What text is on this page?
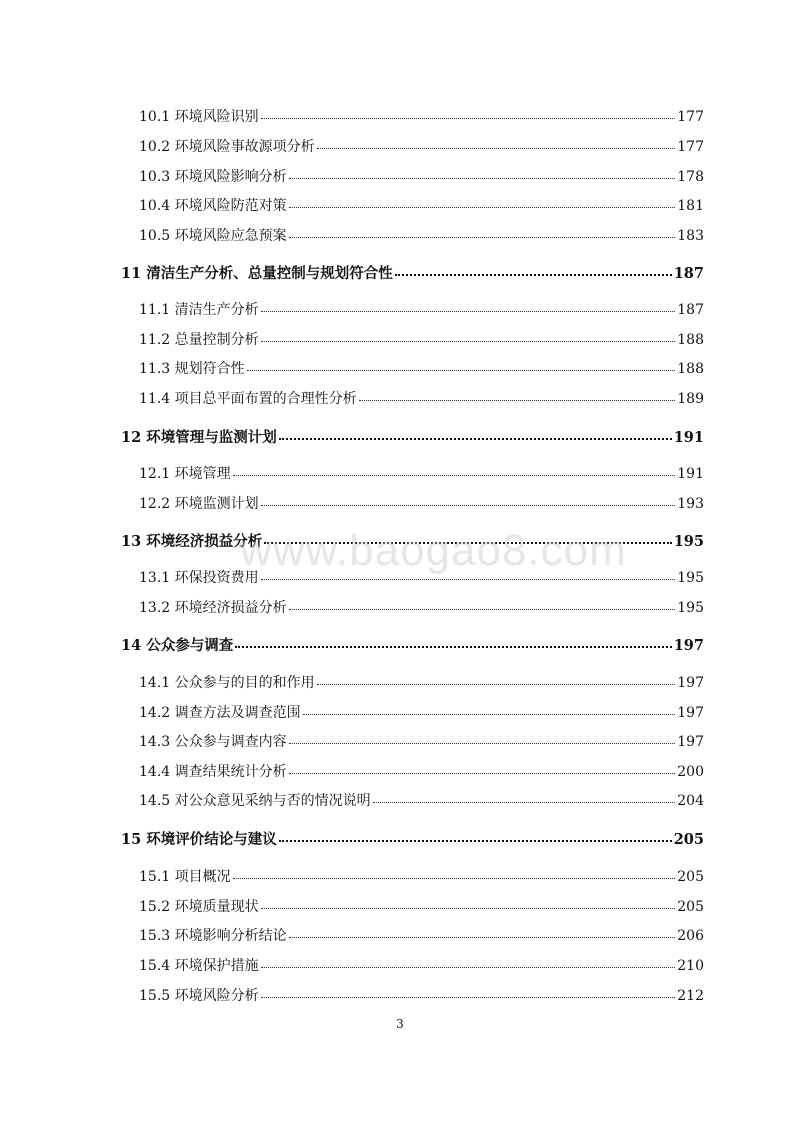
10.1 环境风险识别	177
10.2 环境风险事故源项分析	177
10.3 环境风险影响分析	178
10.4 环境风险防范对策	181
10.5 环境风险应急预案	183
11 清洁生产分析、总量控制与规划符合性	187
11.1 清洁生产分析	187
11.2 总量控制分析	188
11.3 规划符合性	188
11.4 项目总平面布置的合理性分析	189
12 环境管理与监测计划	191
12.1 环境管理	191
12.2 环境监测计划	193
13 环境经济损益分析	195
13.1 环保投资费用	195
13.2 环境经济损益分析	195
14 公众参与调查	197
14.1 公众参与的目的和作用	197
14.2 调查方法及调查范围	197
14.3 公众参与调查内容	197
14.4 调查结果统计分析	200
14.5 对公众意见采纳与否的情况说明	204
15 环境评价结论与建议	205
15.1 项目概况	205
15.2 环境质量现状	205
15.3 环境影响分析结论	206
15.4 环境保护措施	210
15.5 环境风险分析	212
www.baogao8.com
3
